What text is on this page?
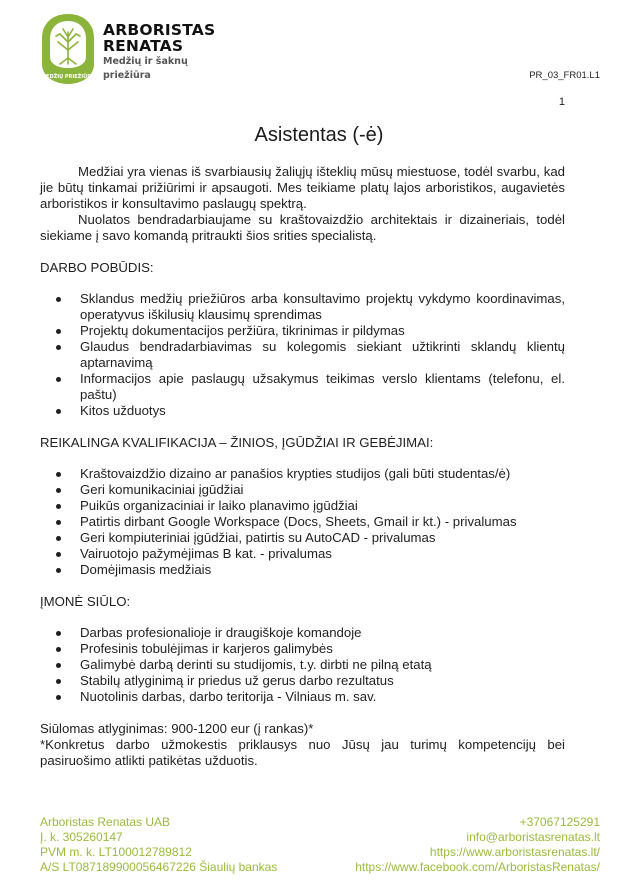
MEDŽIŲ PRIEŽIŪRA
ARBORISTAS
RENATAS
Medžių ir šaknų
priežiūra	PR_03_FR01.L1
1
Asistentas (-ė)

Medžiai yra vienas iš svarbiausių žaliųjų išteklių mūsų miestuose, todėl svarbu, kad jie būtų tinkamai prižiūrimi ir apsaugoti. Mes teikiame platų lajos arboristikos, augavietės arboristikos ir konsultavimo paslaugų spektrą.

Nuolatos bendradarbiaujame su kraštovaizdžio architektais ir dizaineriais, todėl siekiame į savo komandą pritraukti šios srities specialistą.

DARBO POBŪDIS:

Sklandus medžių priežiūros arba konsultavimo projektų vykdymo koordinavimas, operatyvus iškilusių klausimų sprendimas
Projektų dokumentacijos peržiūra, tikrinimas ir pildymas
Glaudus bendradarbiavimas su kolegomis siekiant užtikrinti sklandų klientų aptarnavimą
Informacijos apie paslaugų užsakymus teikimas verslo klientams (telefonu, el. paštu)
Kitos užduotys

REIKALINGA KVALIFIKACIJA – ŽINIOS, ĮGŪDŽIAI IR GEBĖJIMAI:

Kraštovaizdžio dizaino ar panašios krypties studijos (gali būti studentas/ė)
Geri komunikaciniai įgūdžiai
Puikūs organizaciniai ir laiko planavimo įgūdžiai
Patirtis dirbant Google Workspace (Docs, Sheets, Gmail ir kt.) - privalumas
Geri kompiuteriniai įgūdžiai, patirtis su AutoCAD - privalumas
Vairuotojo pažymėjimas B kat. - privalumas
Domėjimasis medžiais

ĮMONĖ SIŪLO:

Darbas profesionalioje ir draugiškoje komandoje
Profesinis tobulėjimas ir karjeros galimybės
Galimybė darbą derinti su studijomis, t.y. dirbti ne pilną etatą
Stabilų atlyginimą ir priedus už gerus darbo rezultatus
Nuotolinis darbas, darbo teritorija - Vilniaus m. sav.

Siūlomas atlyginimas: 900-1200 eur (į rankas)*

*Konkretus darbo užmokestis priklausys nuo Jūsų jau turimų kompetencijų bei pasiruošimo atlikti patikėtas užduotis.

Arboristas Renatas UAB
Į. k. 305260147
PVM m. k. LT100012789812
A/S LT087189900056467226 Šiaulių bankas
+37067125291
info@arboristasrenatas.lt
https://www.arboristasrenatas.lt/
https://www.facebook.com/ArboristasRenatas/
